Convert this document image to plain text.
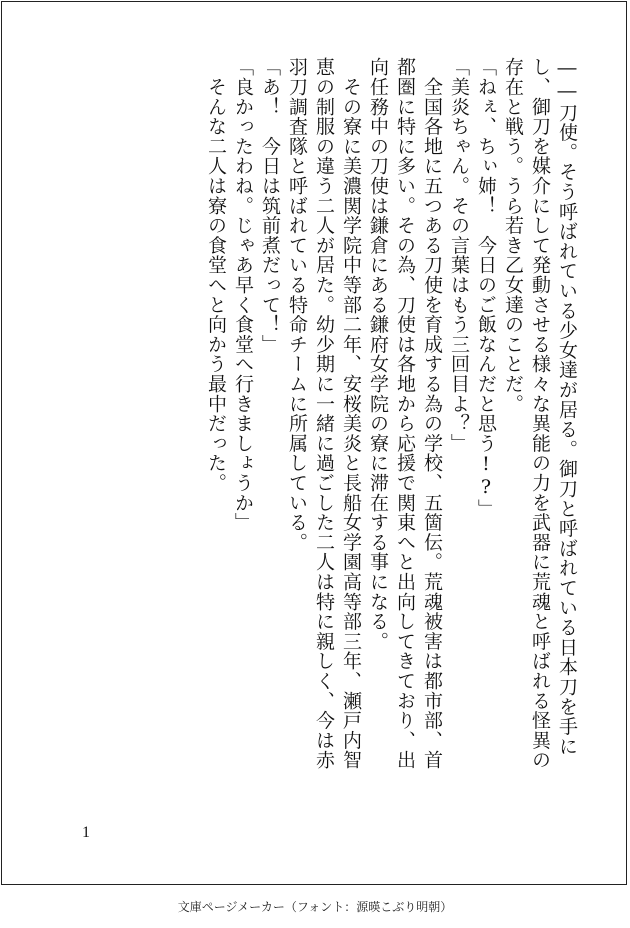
――刀使。そう呼ばれている少女達が居る。御刀と呼ばれている日本刀を手に
し、御刀を媒介にして発動させる様々な異能の力を武器に荒魂と呼ばれる怪異の
存在と戦う。うら若き乙女達のことだ。
「ねぇ、ちぃ姉！　今日のご飯なんだと思う!?」
「美炎ちゃん。その言葉はもう三回目よ？」
　全国各地に五つある刀使を育成する為の学校、五箇伝。荒魂被害は都市部、首
都圏に特に多い。その為、刀使は各地から応援で関東へと出向してきており、出
向任務中の刀使は鎌倉にある鎌府女学院の寮に滞在する事になる。
　その寮に美濃関学院中等部二年、安桜美炎と長船女学園高等部三年、瀬戸内智
恵の制服の違う二人が居た。幼少期に一緒に過ごした二人は特に親しく、今は赤
羽刀調査隊と呼ばれている特命チームに所属している。
「あ！　今日は筑前煮だって！」
「良かったわね。じゃあ早く食堂へ行きましょうか」
　そんな二人は寮の食堂へと向かう最中だった。
1
文庫ページメーカー（フォント：源暎こぶり明朝）
